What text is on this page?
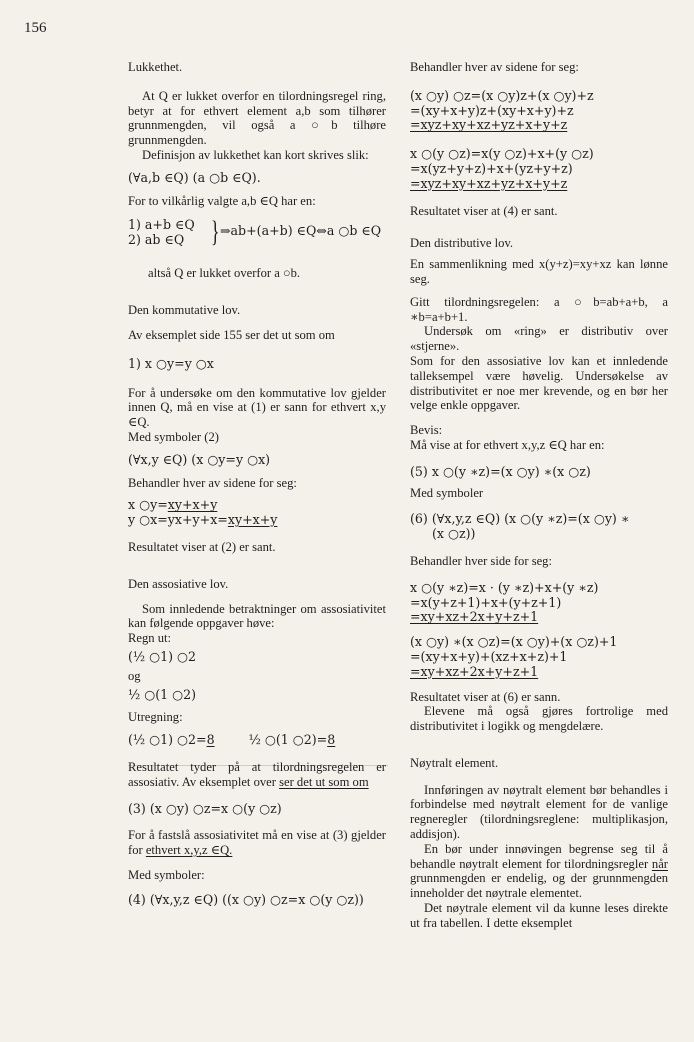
156

Lukkethet.

At Q er lukket overfor en tilordningsregel ring, betyr at for ethvert element a,b som tilhører grunnmengden, vil også a ○b tilhøre grunnmengden.

Definisjon av lukkethet kan kort skrives slik:

(∀a,b ∈Q) (a ○b ∈Q).

For to vilkårlig valgte a,b ∈Q har en:

1) a+b ∈Q
2) ab ∈Q } ⇒ab+(a+b) ∈Q⇔a ○b ∈Q

altså Q er lukket overfor a ○b.

Den kommutative lov.

Av eksemplet side 155 ser det ut som om

1) x ○y=y ○x

For å undersøke om den kommutative lov gjelder innen Q, må en vise at (1) er sann for ethvert x,y ∈Q.

Med symboler (2)

(∀x,y ∈Q) (x ○y=y ○x)

Behandler hver av sidene for seg:

x ○y=xy+x+y

y ○x=yx+y+x=xy+x+y

Resultatet viser at (2) er sant.

Den assosiative lov.

Som innledende betraktninger om assosiativitet kan følgende oppgaver høve:

Regn ut:

(½ ○1) ○2

og

½ ○(1 ○2)

Utregning:

(½ ○1) ○2=8	½ ○(1 ○2)=8

Resultatet tyder på at tilordningsregelen er assosiativ. Av eksemplet over ser det ut som om

(3) (x ○y) ○z=x ○(y ○z)

For å fastslå assosiativitet må en vise at (3) gjelder for ethvert x,y,z ∈Q.

Med symboler:

(4) (∀x,y,z ∈Q) ((x ○y) ○z=x ○(y ○z))

Behandler hver av sidene for seg:

(x ○y) ○z=(x ○y)z+(x ○y)+z

=(xy+x+y)z+(xy+x+y)+z

=xyz+xy+xz+yz+x+y+z

x ○(y ○z)=x(y ○z)+x+(y ○z)

=x(yz+y+z)+x+(yz+y+z)

=xyz+xy+xz+yz+x+y+z

Resultatet viser at (4) er sant.

Den distributive lov.

En sammenlikning med x(y+z)=xy+xz kan lønne seg.

Gitt tilordningsregelen: a ○b=ab+a+b, a ∗b=a+b+1.

Undersøk om «ring» er distributiv over «stjerne».

Som for den assosiative lov kan et innledende talleksempel være høvelig. Undersøkelse av distributivitet er noe mer krevende, og en bør her velge enkle oppgaver.

Bevis:

Må vise at for ethvert x,y,z ∈Q har en:

(5) x ○(y ∗z)=(x ○y) ∗(x ○z)

Med symboler

(6) (∀x,y,z ∈Q) (x ○(y ∗z)=(x ○y) ∗

(x ○z))

Behandler hver side for seg:

x ○(y ∗z)=x · (y ∗z)+x+(y ∗z)

=x(y+z+1)+x+(y+z+1)

=xy+xz+2x+y+z+1

(x ○y) ∗(x ○z)=(x ○y)+(x ○z)+1

=(xy+x+y)+(xz+x+z)+1

=xy+xz+2x+y+z+1

Resultatet viser at (6) er sann.

Elevene må også gjøres fortrolige med distributivitet i logikk og mengdelære.

Nøytralt element.

Innføringen av nøytralt element bør behandles i forbindelse med nøytralt element for de vanlige regneregler (tilordningsreglene: multiplikasjon, addisjon).

En bør under innøvingen begrense seg til å behandle nøytralt element for tilordningsregler når grunnmengden er endelig, og der grunnmengden inneholder det nøytrale elementet.

Det nøytrale element vil da kunne leses direkte ut fra tabellen. I dette eksemplet
